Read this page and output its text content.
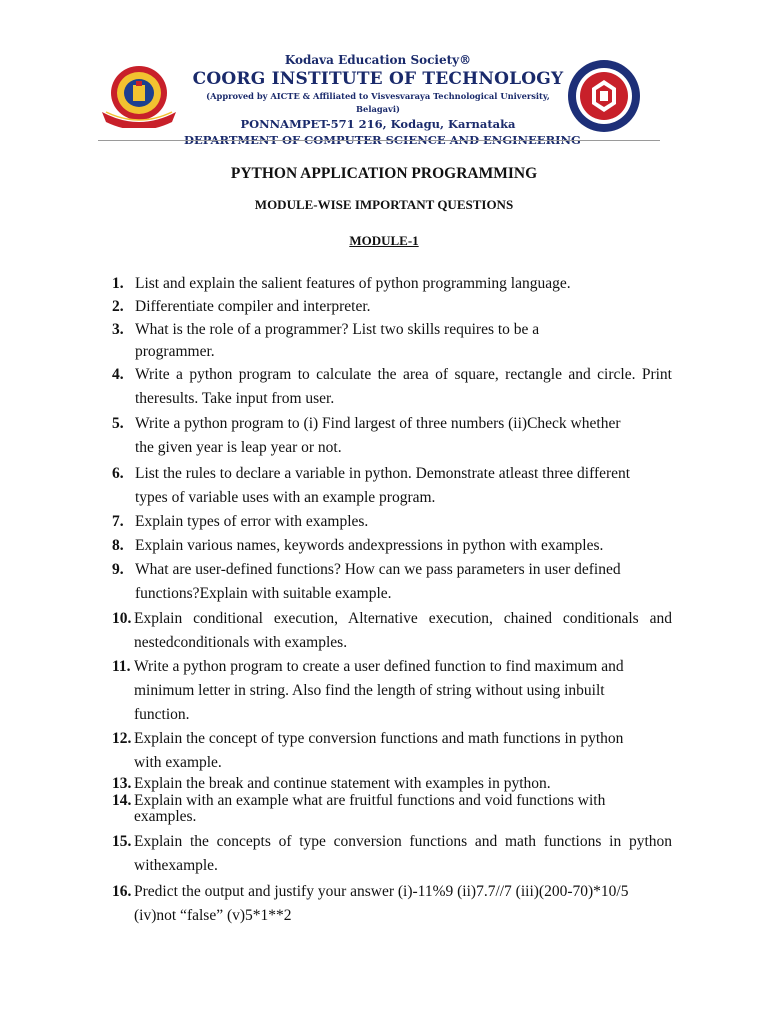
Kodava Education Society®
COORG INSTITUTE OF TECHNOLOGY
(Approved by AICTE & Affiliated to Visvesvaraya Technological University, Belagavi)
PONNAMPET-571 216, Kodagu, Karnataka
DEPARTMENT OF COMPUTER SCIENCE AND ENGINEERING
PYTHON APPLICATION PROGRAMMING
MODULE-WISE IMPORTANT QUESTIONS
MODULE-1
1. List and explain the salient features of python programming language.
2. Differentiate compiler and interpreter.
3. What is the role of a programmer? List two skills requires to be a programmer.
4. Write a python program to calculate the area of square, rectangle and circle. Print theresults. Take input from user.
5. Write a python program to (i) Find largest of three numbers (ii)Check whether the given year is leap year or not.
6. List the rules to declare a variable in python. Demonstrate atleast three different types of variable uses with an example program.
7. Explain types of error with examples.
8. Explain various names, keywords andexpressions in python with examples.
9. What are user-defined functions? How can we pass parameters in user defined functions?Explain with suitable example.
10. Explain conditional execution, Alternative execution, chained conditionals and nestedconditionals with examples.
11. Write a python program to create a user defined function to find maximum and minimum letter in string. Also find the length of string without using inbuilt function.
12. Explain the concept of type conversion functions and math functions in python with example.
13. Explain the break and continue statement with examples in python.
14. Explain with an example what are fruitful functions and void functions with examples.
15. Explain the concepts of type conversion functions and math functions in python withexample.
16. Predict the output and justify your answer (i)-11%9 (ii)7.7//7 (iii)(200-70)*10/5 (iv)not “false” (v)5*1**2
